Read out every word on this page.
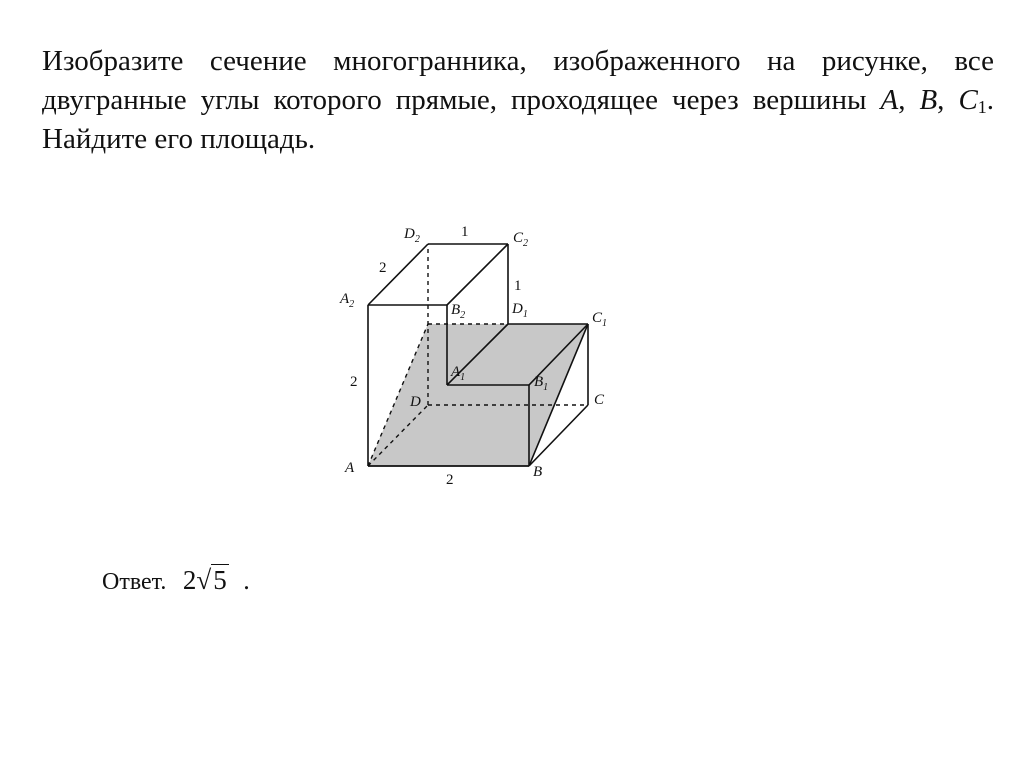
Изобразите сечение многогранника, изображенного на рисунке, все двугранные углы которого прямые, проходящее через вершины A, B, $C_1$. Найдите его площадь.

A	B
C
D
$A_1$	$B_1$
$C_1$
$D_1$
$A_2$	$B_2$
$C_2$
$D_2$	1
2
1
2
2
Ответ. 2√5 .
